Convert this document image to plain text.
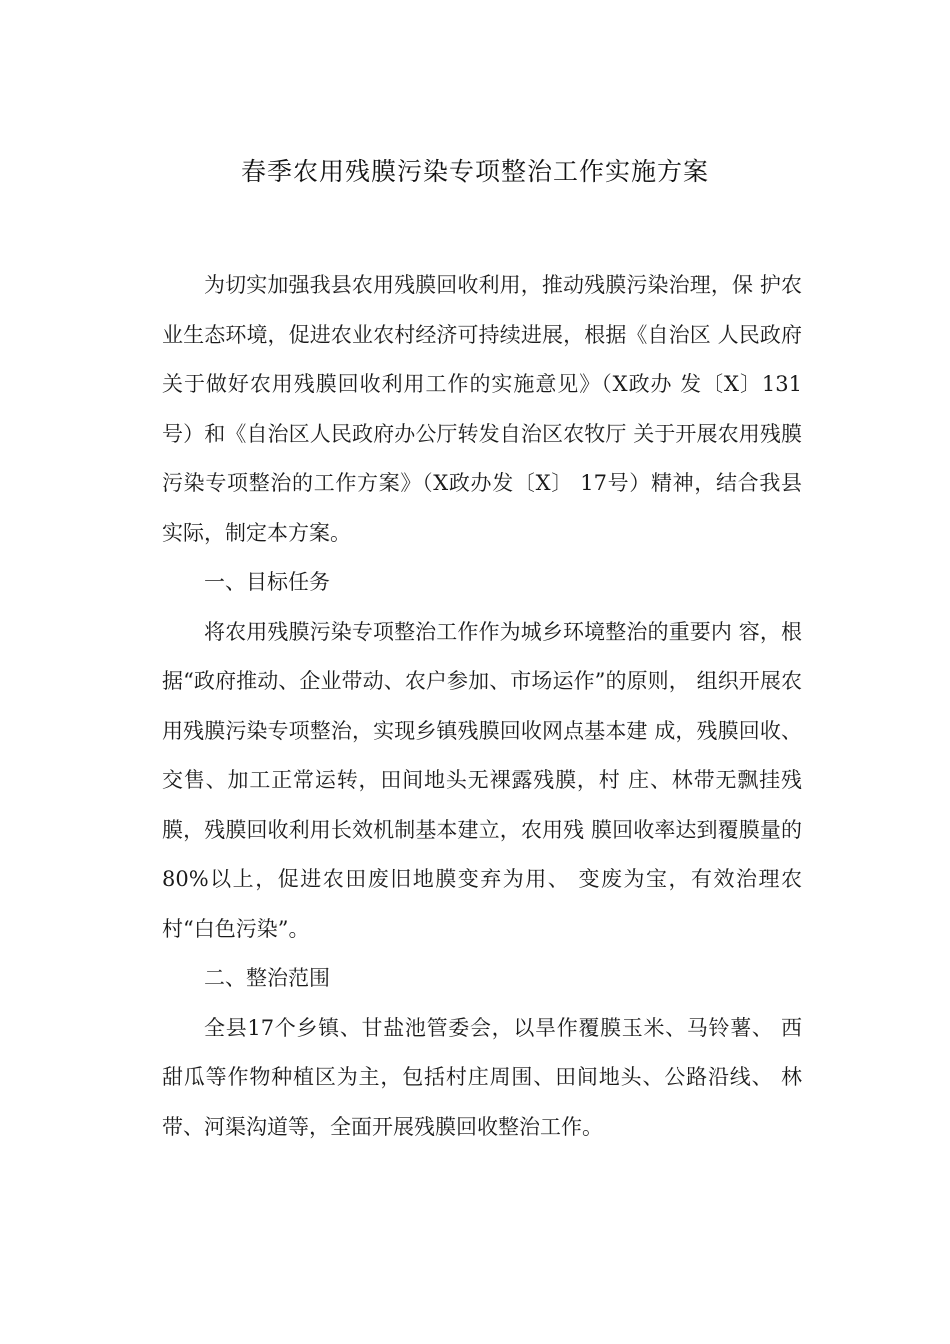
春季农用残膜污染专项整治工作实施方案

为切实加强我县农用残膜回收利用，推动残膜污染治理，保 护农业生态环境，促进农业农村经济可持续进展，根据《自治区 人民政府关于做好农用残膜回收利用工作的实施意见》（X政办 发〔X〕131号）和《自治区人民政府办公厅转发自治区农牧厅 关于开展农用残膜污染专项整治的工作方案》（X政办发〔X〕 17号）精神，结合我县实际，制定本方案。

一、目标任务

将农用残膜污染专项整治工作作为城乡环境整治的重要内 容，根据“政府推动、企业带动、农户参加、市场运作”的原则， 组织开展农用残膜污染专项整治，实现乡镇残膜回收网点基本建 成，残膜回收、交售、加工正常运转，田间地头无裸露残膜，村 庄、林带无飘挂残膜，残膜回收利用长效机制基本建立，农用残 膜回收率达到覆膜量的80%以上，促进农田废旧地膜变弃为用、 变废为宝，有效治理农村“白色污染”。

二、整治范围

全县17个乡镇、甘盐池管委会，以旱作覆膜玉米、马铃薯、 西甜瓜等作物种植区为主，包括村庄周围、田间地头、公路沿线、 林带、河渠沟道等，全面开展残膜回收整治工作。
